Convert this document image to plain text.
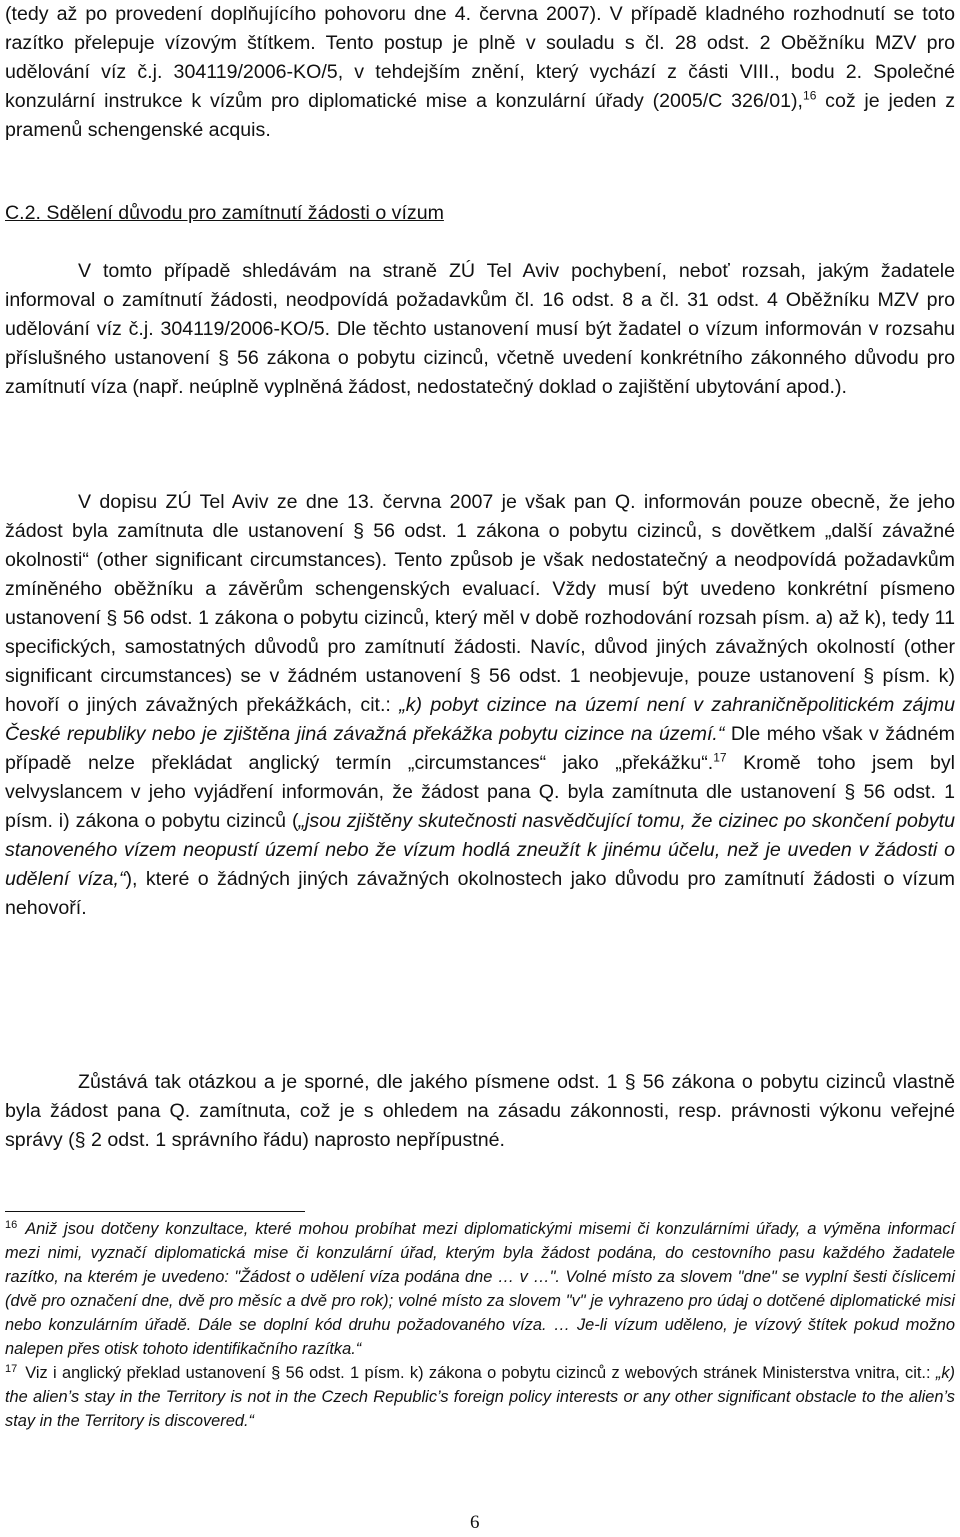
(tedy až po provedení doplňujícího pohovoru dne 4. června 2007). V případě kladného rozhodnutí se toto razítko přelepuje vízovým štítkem. Tento postup je plně v souladu s čl. 28 odst. 2 Oběžníku MZV pro udělování víz č.j. 304119/2006-KO/5, v tehdejším znění, který vychází z části VIII., bodu 2. Společné konzulární instrukce k vízům pro diplomatické mise a konzulární úřady (2005/C 326/01),$^{16}$ což je jeden z pramenů schengenské acquis.

C.2. Sdělení důvodu pro zamítnutí žádosti o vízum

V tomto případě shledávám na straně ZÚ Tel Aviv pochybení, neboť rozsah, jakým žadatele informoval o zamítnutí žádosti, neodpovídá požadavkům čl. 16 odst. 8 a čl. 31 odst. 4 Oběžníku MZV pro udělování víz č.j. 304119/2006-KO/5. Dle těchto ustanovení musí být žadatel o vízum informován v rozsahu příslušného ustanovení § 56 zákona o pobytu cizinců, včetně uvedení konkrétního zákonného důvodu pro zamítnutí víza (např. neúplně vyplněná žádost, nedostatečný doklad o zajištění ubytování apod.).

V dopisu ZÚ Tel Aviv ze dne 13. června 2007 je však pan Q. informován pouze obecně, že jeho žádost byla zamítnuta dle ustanovení § 56 odst. 1 zákona o pobytu cizinců, s dovětkem „další závažné okolnosti“ (other significant circumstances). Tento způsob je však nedostatečný a neodpovídá požadavkům zmíněného oběžníku a závěrům schengenských evaluací. Vždy musí být uvedeno konkrétní písmeno ustanovení § 56 odst. 1 zákona o pobytu cizinců, který měl v době rozhodování rozsah písm. a) až k), tedy 11 specifických, samostatných důvodů pro zamítnutí žádosti. Navíc, důvod jiných závažných okolností (other significant circumstances) se v žádném ustanovení § 56 odst. 1 neobjevuje, pouze ustanovení § písm. k) hovoří o jiných závažných překážkách, cit.: „k) pobyt cizince na území není v zahraničněpolitickém zájmu České republiky nebo je zjištěna jiná závažná překážka pobytu cizince na území.“ Dle mého však v žádném případě nelze překládat anglický termín „circumstances“ jako „překážku“.$^{17}$ Kromě toho jsem byl velvyslancem v jeho vyjádření informován, že žádost pana Q. byla zamítnuta dle ustanovení § 56 odst. 1 písm. i) zákona o pobytu cizinců („jsou zjištěny skutečnosti nasvědčující tomu, že cizinec po skončení pobytu stanoveného vízem neopustí území nebo že vízum hodlá zneužít k jinému účelu, než je uveden v žádosti o udělení víza,“), které o žádných jiných závažných okolnostech jako důvodu pro zamítnutí žádosti o vízum nehovoří.

Zůstává tak otázkou a je sporné, dle jakého písmene odst. 1 § 56 zákona o pobytu cizinců vlastně byla žádost pana Q. zamítnuta, což je s ohledem na zásadu zákonnosti, resp. právnosti výkonu veřejné správy (§ 2 odst. 1 správního řádu) naprosto nepřípustné.

$^{16}$ Aniž jsou dotčeny konzultace, které mohou probíhat mezi diplomatickými misemi či konzulárními úřady, a výměna informací mezi nimi, vyznačí diplomatická mise či konzulární úřad, kterým byla žádost podána, do cestovního pasu každého žadatele razítko, na kterém je uvedeno: "Žádost o udělení víza podána dne … v …". Volné místo za slovem "dne" se vyplní šesti číslicemi (dvě pro označení dne, dvě pro měsíc a dvě pro rok); volné místo za slovem "v" je vyhrazeno pro údaj o dotčené diplomatické misi nebo konzulárním úřadě. Dále se doplní kód druhu požadovaného víza. … Je-li vízum uděleno, je vízový štítek pokud možno nalepen přes otisk tohoto identifikačního razítka.“

$^{17}$ Viz i anglický překlad ustanovení § 56 odst. 1 písm. k) zákona o pobytu cizinců z webových stránek Ministerstva vnitra, cit.: „k) the alien’s stay in the Territory is not in the Czech Republic’s foreign policy interests or any other significant obstacle to the alien’s stay in the Territory is discovered.“

6
